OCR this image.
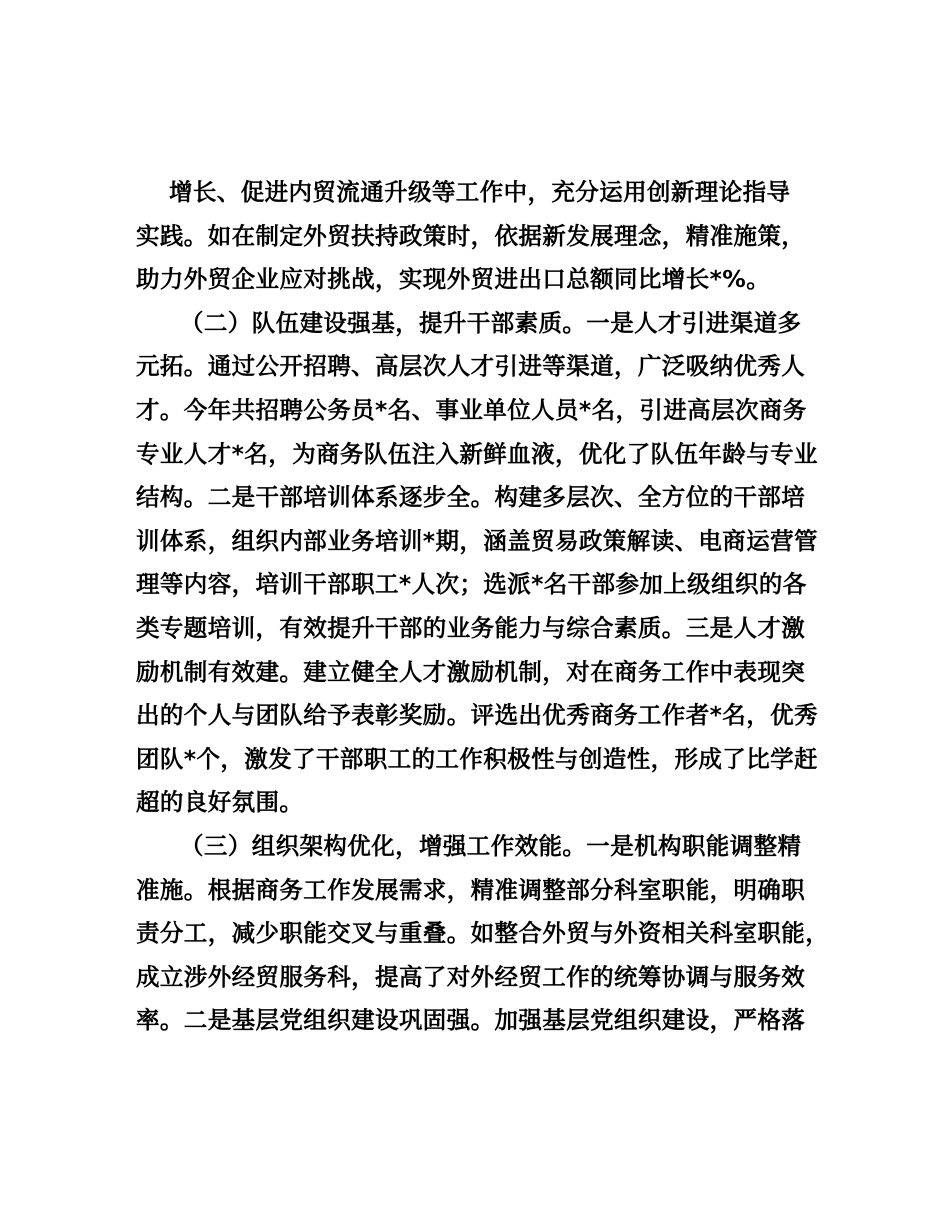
增长、促进内贸流通升级等工作中，充分运用创新理论指导
实践。如在制定外贸扶持政策时，依据新发展理念，精准施策，
助力外贸企业应对挑战，实现外贸进出口总额同比增长*%。
（二）队伍建设强基，提升干部素质。一是人才引进渠道多
元拓。通过公开招聘、高层次人才引进等渠道，广泛吸纳优秀人
才。今年共招聘公务员*名、事业单位人员*名，引进高层次商务
专业人才*名，为商务队伍注入新鲜血液，优化了队伍年龄与专业
结构。二是干部培训体系逐步全。构建多层次、全方位的干部培
训体系，组织内部业务培训*期，涵盖贸易政策解读、电商运营管
理等内容，培训干部职工*人次；选派*名干部参加上级组织的各
类专题培训，有效提升干部的业务能力与综合素质。三是人才激
励机制有效建。建立健全人才激励机制，对在商务工作中表现突
出的个人与团队给予表彰奖励。评选出优秀商务工作者*名，优秀
团队*个，激发了干部职工的工作积极性与创造性，形成了比学赶
超的良好氛围。
（三）组织架构优化，增强工作效能。一是机构职能调整精
准施。根据商务工作发展需求，精准调整部分科室职能，明确职
责分工，减少职能交叉与重叠。如整合外贸与外资相关科室职能，
成立涉外经贸服务科，提高了对外经贸工作的统筹协调与服务效
率。二是基层党组织建设巩固强。加强基层党组织建设，严格落
